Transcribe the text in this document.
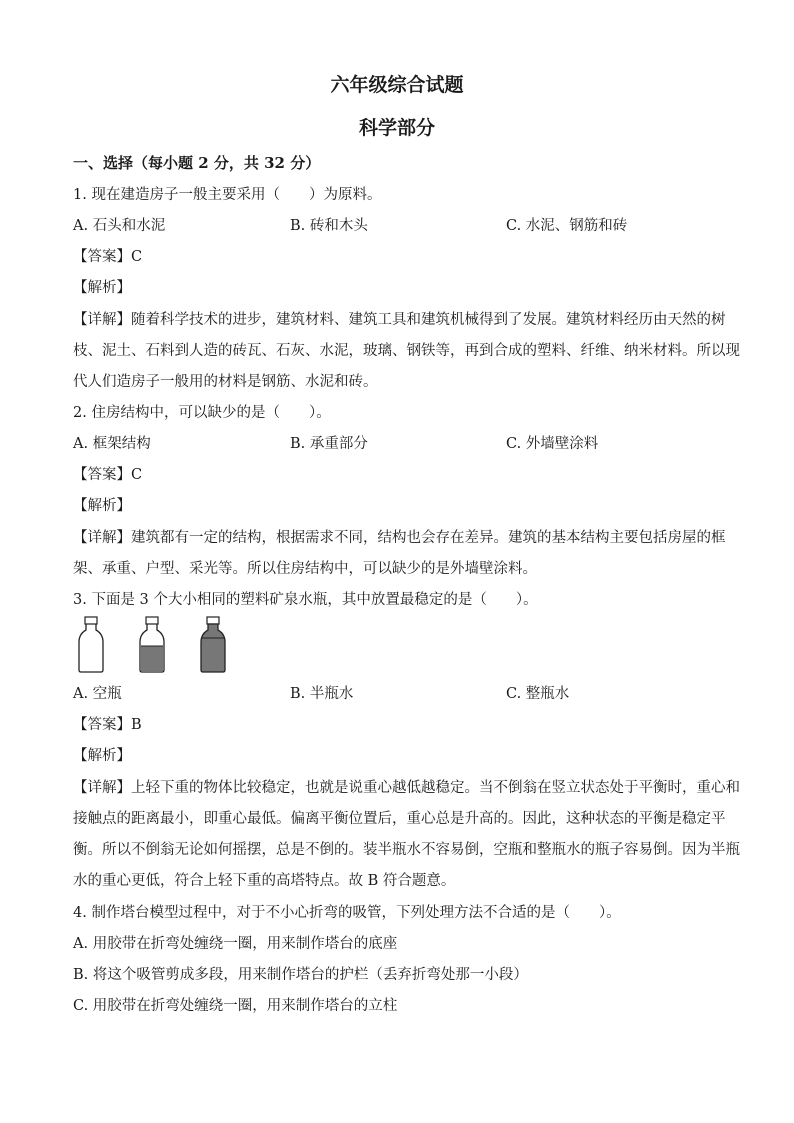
六年级综合试题
科学部分
一、选择（每小题 2 分，共 32 分）
1. 现在建造房子一般主要采用（　　）为原料。
A. 石头和水泥	B. 砖和木头	C. 水泥、钢筋和砖
【答案】C
【解析】
【详解】随着科学技术的进步，建筑材料、建筑工具和建筑机械得到了发展。建筑材料经历由天然的树
枝、泥土、石料到人造的砖瓦、石灰、水泥，玻璃、钢铁等，再到合成的塑料、纤维、纳米材料。所以现
代人们造房子一般用的材料是钢筋、水泥和砖。
2. 住房结构中，可以缺少的是（　　）。
A. 框架结构	B. 承重部分	C. 外墙壁涂料
【答案】C
【解析】
【详解】建筑都有一定的结构，根据需求不同，结构也会存在差异。建筑的基本结构主要包括房屋的框
架、承重、户型、采光等。所以住房结构中，可以缺少的是外墙壁涂料。
3. 下面是 3 个大小相同的塑料矿泉水瓶，其中放置最稳定的是（　　）。
A. 空瓶	B. 半瓶水	C. 整瓶水
【答案】B
【解析】
【详解】上轻下重的物体比较稳定，也就是说重心越低越稳定。当不倒翁在竖立状态处于平衡时，重心和
接触点的距离最小，即重心最低。偏离平衡位置后，重心总是升高的。因此，这种状态的平衡是稳定平
衡。所以不倒翁无论如何摇摆，总是不倒的。装半瓶水不容易倒，空瓶和整瓶水的瓶子容易倒。因为半瓶
水的重心更低，符合上轻下重的高塔特点。故 B 符合题意。
4. 制作塔台模型过程中，对于不小心折弯的吸管，下列处理方法不合适的是（　　）。
A. 用胶带在折弯处缠绕一圈，用来制作塔台的底座
B. 将这个吸管剪成多段，用来制作塔台的护栏（丢弃折弯处那一小段）
C. 用胶带在折弯处缠绕一圈，用来制作塔台的立柱
